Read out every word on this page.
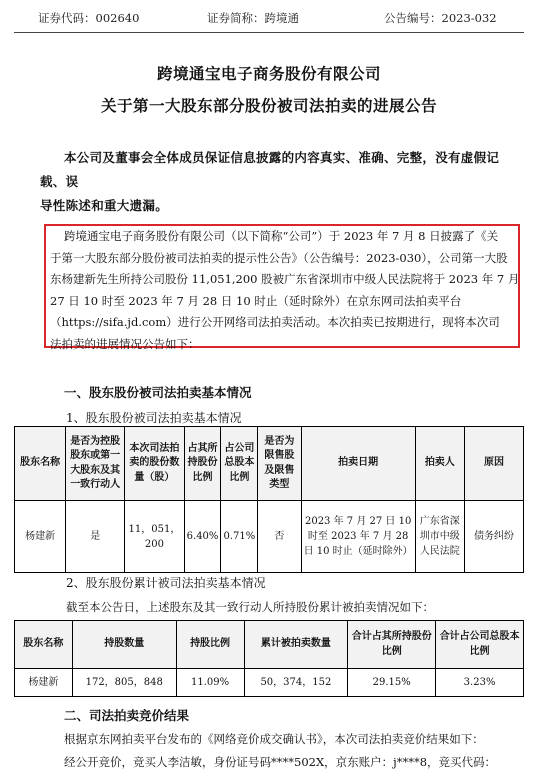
证券代码：002640	证券简称：跨境通	公告编号：2023-032
跨境通宝电子商务股份有限公司
关于第一大股东部分股份被司法拍卖的进展公告
本公司及董事会全体成员保证信息披露的内容真实、准确、完整，没有虚假记载、误
导性陈述和重大遗漏。
跨境通宝电子商务股份有限公司（以下简称“公司”）于 2023 年 7 月 8 日披露了《关
于第一大股东部分股份被司法拍卖的提示性公告》（公告编号：2023-030），公司第一大股
东杨建新先生所持公司股份 11,051,200 股被广东省深圳市中级人民法院将于 2023 年 7 月
27 日 10 时至 2023 年 7 月 28 日 10 时止（延时除外）在京东网司法拍卖平台
（https://sifa.jd.com）进行公开网络司法拍卖活动。本次拍卖已按期进行，现将本次司
法拍卖的进展情况公告如下：
一、股东股份被司法拍卖基本情况
1、股东股份被司法拍卖基本情况
股东名称	是否为控股股东或第一大股东及其一致行动人	本次司法拍卖的股份数量（股）	占其所持股份比例	占公司总股本比例	是否为限售股及限售类型	拍卖日期	拍卖人	原因
杨建新	是	11，051，200	6.40%	0.71%	否	2023 年 7 月 27 日 10 时至 2023 年 7 月 28 日 10 时止（延时除外）	广东省深圳市中级人民法院	债务纠纷
2、股东股份累计被司法拍卖基本情况
截至本公告日，上述股东及其一致行动人所持股份累计被拍卖情况如下：
股东名称	持股数量	持股比例	累计被拍卖数量	合计占其所持股份比例	合计占公司总股本比例
杨建新	172，805，848	11.09%	50，374，152	29.15%	3.23%
二、司法拍卖竞价结果
根据京东网拍卖平台发布的《网络竞价成交确认书》，本次司法拍卖竞价结果如下：
经公开竞价，竞买人李洁敏，身份证号码****502X，京东账户：j****8，竞买代码：
